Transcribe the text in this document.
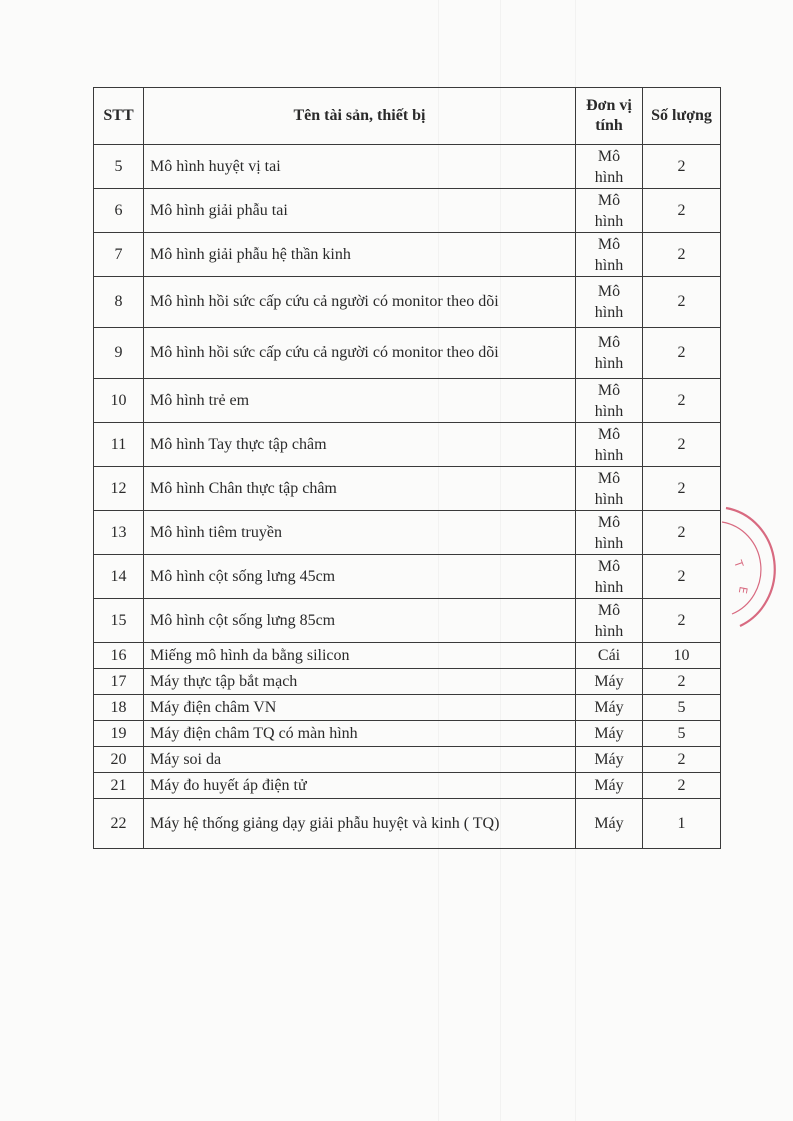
STT	Tên tài sản, thiết bị	Đơn vị tính	Số lượng
5	Mô hình huyệt vị tai	Mô hình	2
6	Mô hình giải phẫu tai	Mô hình	2
7	Mô hình giải phẫu hệ thần kinh	Mô hình	2
8	Mô hình hồi sức cấp cứu cả người có monitor theo dõi	Mô hình	2
9	Mô hình hồi sức cấp cứu cả người có monitor theo dõi	Mô hình	2
10	Mô hình trẻ em	Mô hình	2
11	Mô hình Tay thực tập châm	Mô hình	2
12	Mô hình Chân thực tập châm	Mô hình	2
13	Mô hình tiêm truyền	Mô hình	2
14	Mô hình cột sống lưng 45cm	Mô hình	2
15	Mô hình cột sống lưng 85cm	Mô hình	2
16	Miếng mô hình da bằng silicon	Cái	10
17	Máy thực tập bắt mạch	Máy	2
18	Máy điện châm VN	Máy	5
19	Máy điện châm TQ có màn hình	Máy	5
20	Máy soi da	Máy	2
21	Máy đo huyết áp điện tử	Máy	2
22	Máy hệ thống giảng dạy giải phẫu huyệt và kinh ( TQ)	Máy	1
T
E
